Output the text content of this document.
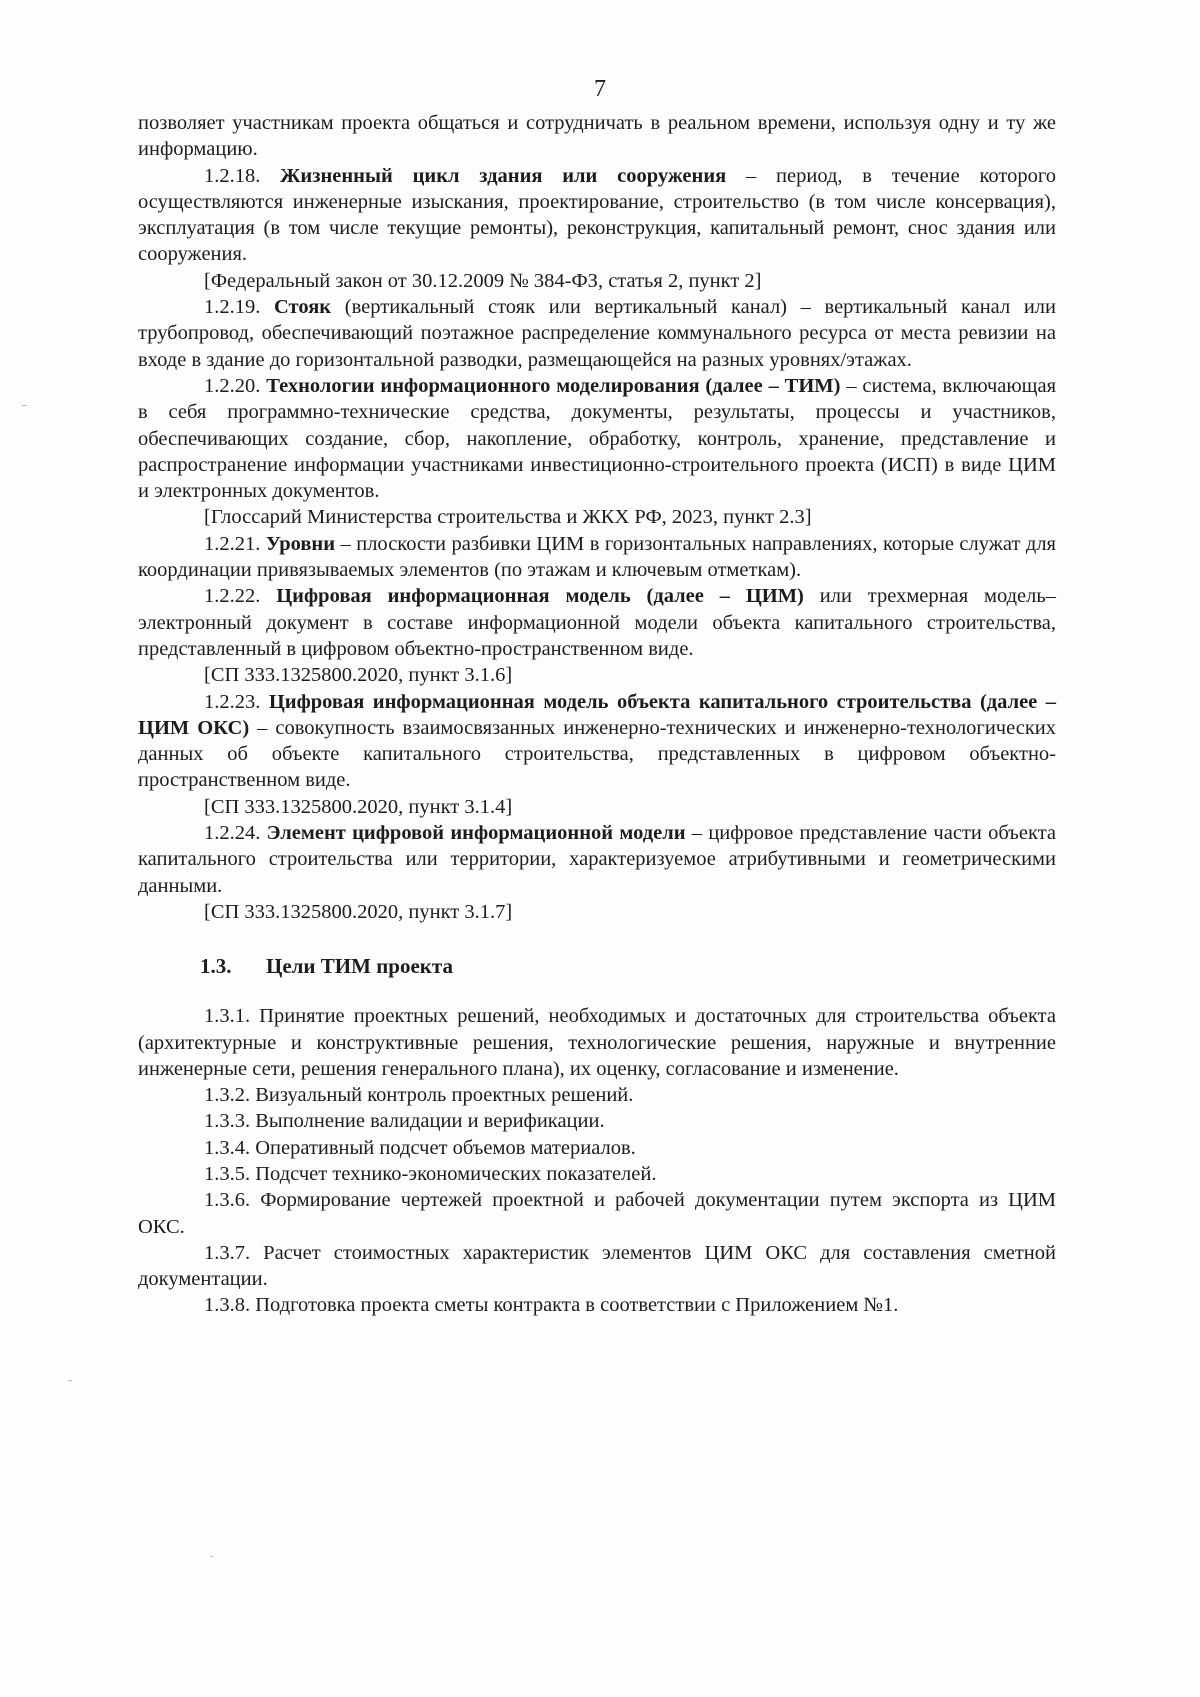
7

позволяет участникам проекта общаться и сотрудничать в реальном времени, используя одну и ту же информацию.

1.2.18. Жизненный цикл здания или сооружения – период, в течение которого осуществляются инженерные изыскания, проектирование, строительство (в том числе консервация), эксплуатация (в том числе текущие ремонты), реконструкция, капитальный ремонт, снос здания или сооружения.

[Федеральный закон от 30.12.2009 № 384-ФЗ, статья 2, пункт 2]

1.2.19. Стояк (вертикальный стояк или вертикальный канал) – вертикальный канал или трубопровод, обеспечивающий поэтажное распределение коммунального ресурса от места ревизии на входе в здание до горизонтальной разводки, размещающейся на разных уровнях/этажах.

1.2.20. Технологии информационного моделирования (далее – ТИМ) – система, включающая в себя программно-технические средства, документы, результаты, процессы и участников, обеспечивающих создание, сбор, накопление, обработку, контроль, хранение, представление и распространение информации участниками инвестиционно-строительного проекта (ИСП) в виде ЦИМ и электронных документов.

[Глоссарий Министерства строительства и ЖКХ РФ, 2023, пункт 2.3]

1.2.21. Уровни – плоскости разбивки ЦИМ в горизонтальных направлениях, которые служат для координации привязываемых элементов (по этажам и ключевым отметкам).

1.2.22. Цифровая информационная модель (далее – ЦИМ) или трехмерная модель–электронный документ в составе информационной модели объекта капитального строительства, представленный в цифровом объектно-пространственном виде.

[СП 333.1325800.2020, пункт 3.1.6]

1.2.23. Цифровая информационная модель объекта капитального строительства (далее – ЦИМ ОКС) – совокупность взаимосвязанных инженерно-технических и инженерно-технологических данных об объекте капитального строительства, представленных в цифровом объектно-пространственном виде.

[СП 333.1325800.2020, пункт 3.1.4]

1.2.24. Элемент цифровой информационной модели – цифровое представление части объекта капитального строительства или территории, характеризуемое атрибутивными и геометрическими данными.

[СП 333.1325800.2020, пункт 3.1.7]

1.3. Цели ТИМ проекта

1.3.1. Принятие проектных решений, необходимых и достаточных для строительства объекта (архитектурные и конструктивные решения, технологические решения, наружные и внутренние инженерные сети, решения генерального плана), их оценку, согласование и изменение.

1.3.2. Визуальный контроль проектных решений.

1.3.3. Выполнение валидации и верификации.

1.3.4. Оперативный подсчет объемов материалов.

1.3.5. Подсчет технико-экономических показателей.

1.3.6. Формирование чертежей проектной и рабочей документации путем экспорта из ЦИМ ОКС.

1.3.7. Расчет стоимостных характеристик элементов ЦИМ ОКС для составления сметной документации.

1.3.8. Подготовка проекта сметы контракта в соответствии с Приложением №1.
